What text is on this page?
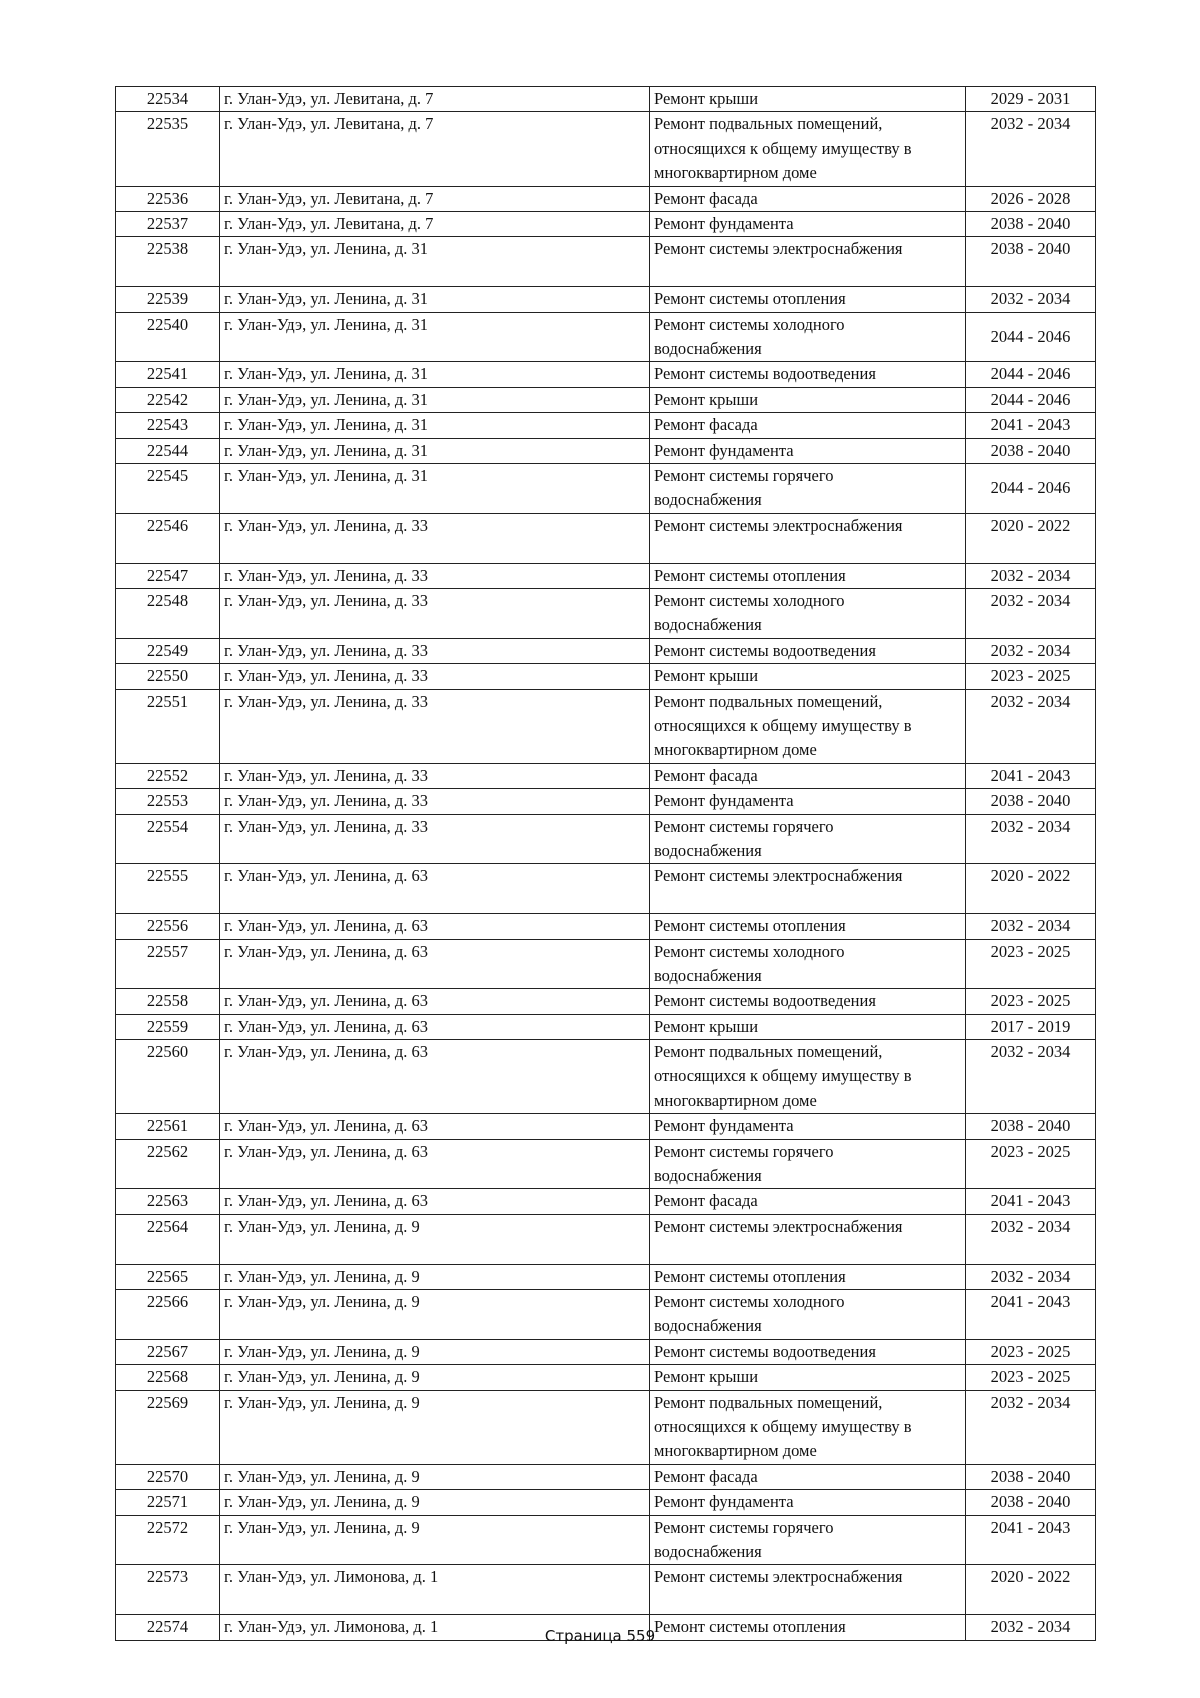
22534	г. Улан-Удэ, ул. Левитана, д. 7	Ремонт крыши	2029 - 2031
22535	г. Улан-Удэ, ул. Левитана, д. 7	Ремонт подвальных помещений,
относящихся к общему имуществу в
многоквартирном доме	2032 - 2034
22536	г. Улан-Удэ, ул. Левитана, д. 7	Ремонт фасада	2026 - 2028
22537	г. Улан-Удэ, ул. Левитана, д. 7	Ремонт фундамента	2038 - 2040
22538	г. Улан-Удэ, ул. Ленина, д. 31	Ремонт системы электроснабжения	2038 - 2040
22539	г. Улан-Удэ, ул. Ленина, д. 31	Ремонт системы отопления	2032 - 2034
22540	г. Улан-Удэ, ул. Ленина, д. 31	Ремонт системы холодного
водоснабжения	2044 - 2046
22541	г. Улан-Удэ, ул. Ленина, д. 31	Ремонт системы водоотведения	2044 - 2046
22542	г. Улан-Удэ, ул. Ленина, д. 31	Ремонт крыши	2044 - 2046
22543	г. Улан-Удэ, ул. Ленина, д. 31	Ремонт фасада	2041 - 2043
22544	г. Улан-Удэ, ул. Ленина, д. 31	Ремонт фундамента	2038 - 2040
22545	г. Улан-Удэ, ул. Ленина, д. 31	Ремонт системы горячего
водоснабжения	2044 - 2046
22546	г. Улан-Удэ, ул. Ленина, д. 33	Ремонт системы электроснабжения	2020 - 2022
22547	г. Улан-Удэ, ул. Ленина, д. 33	Ремонт системы отопления	2032 - 2034
22548	г. Улан-Удэ, ул. Ленина, д. 33	Ремонт системы холодного
водоснабжения	2032 - 2034
22549	г. Улан-Удэ, ул. Ленина, д. 33	Ремонт системы водоотведения	2032 - 2034
22550	г. Улан-Удэ, ул. Ленина, д. 33	Ремонт крыши	2023 - 2025
22551	г. Улан-Удэ, ул. Ленина, д. 33	Ремонт подвальных помещений,
относящихся к общему имуществу в
многоквартирном доме	2032 - 2034
22552	г. Улан-Удэ, ул. Ленина, д. 33	Ремонт фасада	2041 - 2043
22553	г. Улан-Удэ, ул. Ленина, д. 33	Ремонт фундамента	2038 - 2040
22554	г. Улан-Удэ, ул. Ленина, д. 33	Ремонт системы горячего
водоснабжения	2032 - 2034
22555	г. Улан-Удэ, ул. Ленина, д. 63	Ремонт системы электроснабжения	2020 - 2022
22556	г. Улан-Удэ, ул. Ленина, д. 63	Ремонт системы отопления	2032 - 2034
22557	г. Улан-Удэ, ул. Ленина, д. 63	Ремонт системы холодного
водоснабжения	2023 - 2025
22558	г. Улан-Удэ, ул. Ленина, д. 63	Ремонт системы водоотведения	2023 - 2025
22559	г. Улан-Удэ, ул. Ленина, д. 63	Ремонт крыши	2017 - 2019
22560	г. Улан-Удэ, ул. Ленина, д. 63	Ремонт подвальных помещений,
относящихся к общему имуществу в
многоквартирном доме	2032 - 2034
22561	г. Улан-Удэ, ул. Ленина, д. 63	Ремонт фундамента	2038 - 2040
22562	г. Улан-Удэ, ул. Ленина, д. 63	Ремонт системы горячего
водоснабжения	2023 - 2025
22563	г. Улан-Удэ, ул. Ленина, д. 63	Ремонт фасада	2041 - 2043
22564	г. Улан-Удэ, ул. Ленина, д. 9	Ремонт системы электроснабжения	2032 - 2034
22565	г. Улан-Удэ, ул. Ленина, д. 9	Ремонт системы отопления	2032 - 2034
22566	г. Улан-Удэ, ул. Ленина, д. 9	Ремонт системы холодного
водоснабжения	2041 - 2043
22567	г. Улан-Удэ, ул. Ленина, д. 9	Ремонт системы водоотведения	2023 - 2025
22568	г. Улан-Удэ, ул. Ленина, д. 9	Ремонт крыши	2023 - 2025
22569	г. Улан-Удэ, ул. Ленина, д. 9	Ремонт подвальных помещений,
относящихся к общему имуществу в
многоквартирном доме	2032 - 2034
22570	г. Улан-Удэ, ул. Ленина, д. 9	Ремонт фасада	2038 - 2040
22571	г. Улан-Удэ, ул. Ленина, д. 9	Ремонт фундамента	2038 - 2040
22572	г. Улан-Удэ, ул. Ленина, д. 9	Ремонт системы горячего
водоснабжения	2041 - 2043
22573	г. Улан-Удэ, ул. Лимонова, д. 1	Ремонт системы электроснабжения	2020 - 2022
22574	г. Улан-Удэ, ул. Лимонова, д. 1	Ремонт системы отопления	2032 - 2034
Страница 559
